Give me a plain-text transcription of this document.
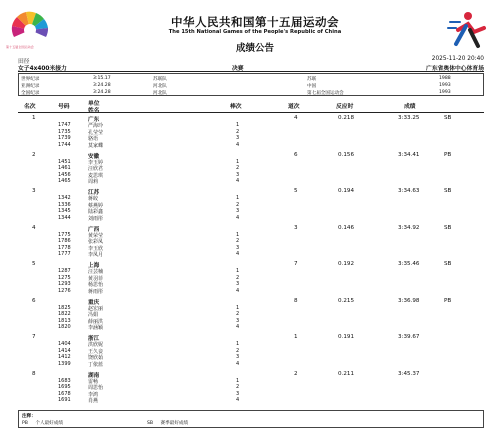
第十五届全国运动会
中华人民共和国第十五届运动会
The 15th National Games of the People's Republic of China
成绩公告
田径	2025-11-20 20:40
女子4x400米接力	决赛	广东省奥体中心体育场
世界纪录	3:15.17	苏联队	苏联	1988
亚洲纪录	3:24.28	河北队	中国	1993
全国纪录	3:24.28	河北队	第七届全国运动会	1993
名次	号码	单位
姓名
棒次	道次	反应时	成绩
1	广东	4	0.218	3:33.25	SB
1747	严海玲	1
1735	孔莹莹	2
1739	骆语	3
1744	莫家蝶	4
2	安徽	6	0.156	3:34.41	PB
1451	李玉婷	1
1461	汪欣君	2
1456	麦思琪	3
1465	周莉	4
3	江苏	5	0.194	3:34.63	SB
1342	蒋皎	1
1336	蔡燕婷	2
1345	陆彩鑫	3
1344	刘雨彤	4
4	广西	3	0.146	3:34.92	SB
1775	黄荣莹	1
1786	张彩凤	2
1778	李玉欣	3
1777	李凤月	4
5	上海	7	0.192	3:35.46	SB
1287	汪芸楠	1
1275	黄羽菲	2
1293	杨思怡	3
1276	蒋雨彤	4
6	重庆	8	0.215	3:36.98	PB
1825	赵宏丽	1
1822	冯娟	2
1813	薛丽洪	3
1820	李涵颖	4
7	浙江	1	0.191	3:39.67
1404	洪欣妮	1
1414	王久妾	2
1412	饶欣茹	3
1399	丁依蓝	4
8	湖南	2	0.211	3:45.37
1683	雷畅	1
1695	周思怡	2
1678	李鸿	3
1691	肖燕	4
注释：
PB 个人最好成绩	SB 赛季最好成绩
